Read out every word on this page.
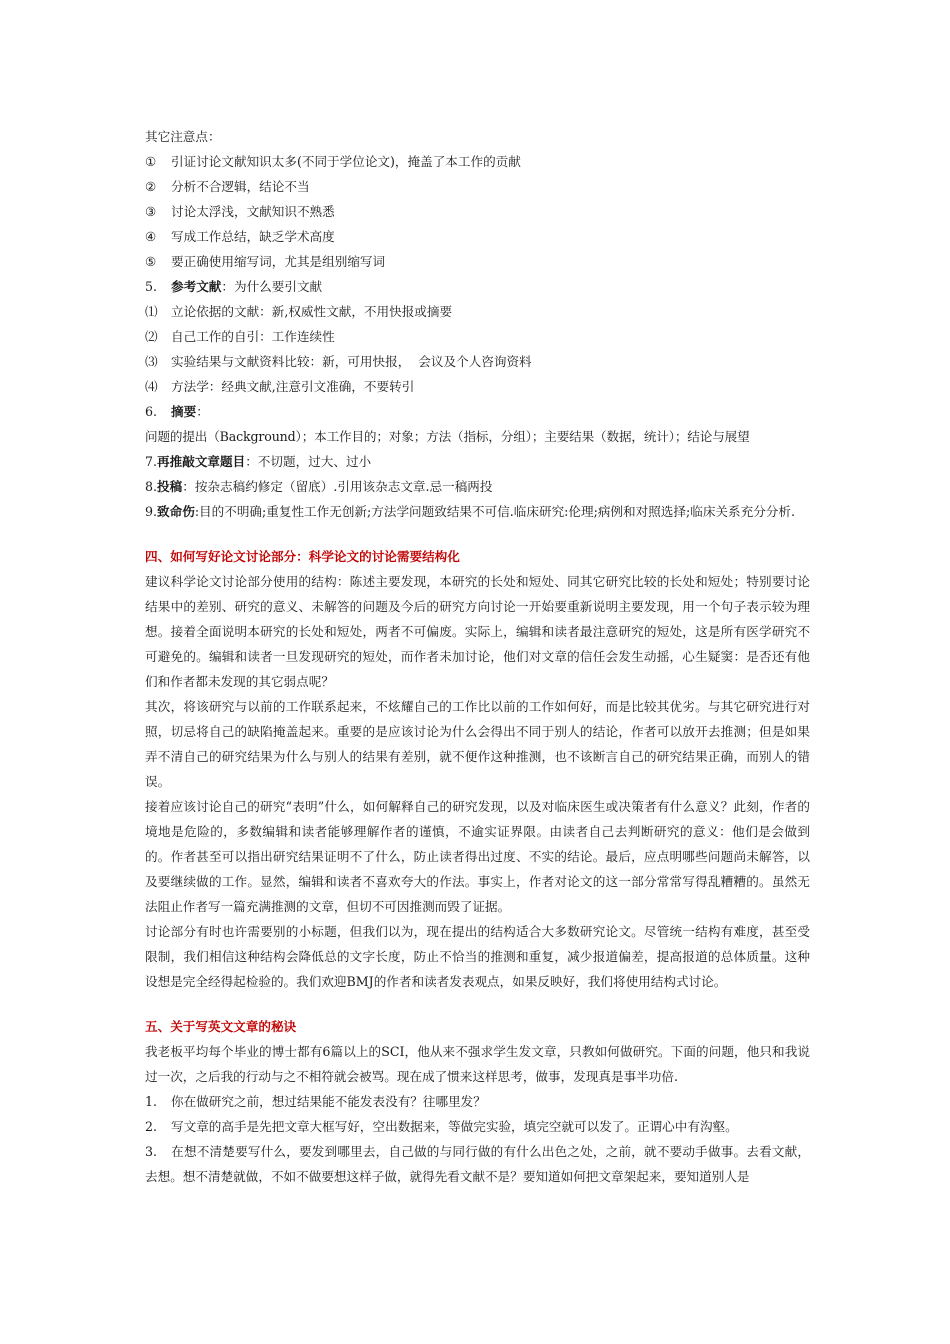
其它注意点：
① 引证讨论文献知识太多(不同于学位论文)，掩盖了本工作的贡献
② 分析不合逻辑，结论不当
③ 讨论太浮浅，文献知识不熟悉
④ 写成工作总结，缺乏学术高度
⑤ 要正确使用缩写词，尤其是组别缩写词
5. 参考文献：为什么要引文献
⑴ 立论依据的文献：新,权威性文献，不用快报或摘要
⑵ 自己工作的自引：工作连续性
⑶ 实验结果与文献资料比较：新，可用快报，  会议及个人咨询资料
⑷ 方法学：经典文献,注意引文准确，不要转引
6. 摘要：
问题的提出（Background）；本工作目的；对象；方法（指标，分组）；主要结果（数据，统计）；结论与展望
7.再推敲文章题目：不切题，过大、过小
8.投稿：按杂志稿约修定（留底）.引用该杂志文章.忌一稿两投
9.致命伤:目的不明确;重复性工作无创新;方法学问题致结果不可信.临床研究:伦理;病例和对照选择;临床关系充分分析.
四、如何写好论文讨论部分：科学论文的讨论需要结构化
建议科学论文讨论部分使用的结构：陈述主要发现，本研究的长处和短处、同其它研究比较的长处和短处；特别要讨论结果中的差别、研究的意义、未解答的问题及今后的研究方向讨论一开始要重新说明主要发现，用一个句子表示较为理想。接着全面说明本研究的长处和短处，两者不可偏废。实际上，编辑和读者最注意研究的短处，这是所有医学研究不可避免的。编辑和读者一旦发现研究的短处，而作者未加讨论，他们对文章的信任会发生动摇，心生疑窦：是否还有他们和作者都未发现的其它弱点呢？
其次，将该研究与以前的工作联系起来，不炫耀自己的工作比以前的工作如何好，而是比较其优劣。与其它研究进行对照，切忌将自己的缺陷掩盖起来。重要的是应该讨论为什么会得出不同于别人的结论，作者可以放开去推测；但是如果弄不清自己的研究结果为什么与别人的结果有差别，就不便作这种推测，也不该断言自己的研究结果正确，而别人的错误。
接着应该讨论自己的研究“表明”什么，如何解释自己的研究发现，以及对临床医生或决策者有什么意义？此刻，作者的境地是危险的，多数编辑和读者能够理解作者的谨慎，不逾实证界限。由读者自己去判断研究的意义：他们是会做到的。作者甚至可以指出研究结果证明不了什么，防止读者得出过度、不实的结论。最后，应点明哪些问题尚未解答，以及要继续做的工作。显然，编辑和读者不喜欢夸大的作法。事实上，作者对论文的这一部分常常写得乱糟糟的。虽然无法阻止作者写一篇充满推测的文章，但切不可因推测而毁了证据。
讨论部分有时也许需要别的小标题，但我们以为，现在提出的结构适合大多数研究论文。尽管统一结构有难度，甚至受限制，我们相信这种结构会降低总的文字长度，防止不恰当的推测和重复，减少报道偏差，提高报道的总体质量。这种设想是完全经得起检验的。我们欢迎BMJ的作者和读者发表观点，如果反映好，我们将使用结构式讨论。
五、关于写英文文章的秘诀
我老板平均每个毕业的博士都有6篇以上的SCI，他从来不强求学生发文章，只教如何做研究。下面的问题，他只和我说过一次，之后我的行动与之不相符就会被骂。现在成了惯来这样思考，做事，发现真是事半功倍.
1. 你在做研究之前，想过结果能不能发表没有？往哪里发？
2. 写文章的高手是先把文章大框写好，空出数据来，等做完实验，填完空就可以发了。正谓心中有沟壑。
3. 在想不清楚要写什么，要发到哪里去，自己做的与同行做的有什么出色之处，之前，就不要动手做事。去看文献，去想。想不清楚就做，不如不做要想这样子做，就得先看文献不是？要知道如何把文章架起来，要知道别人是
